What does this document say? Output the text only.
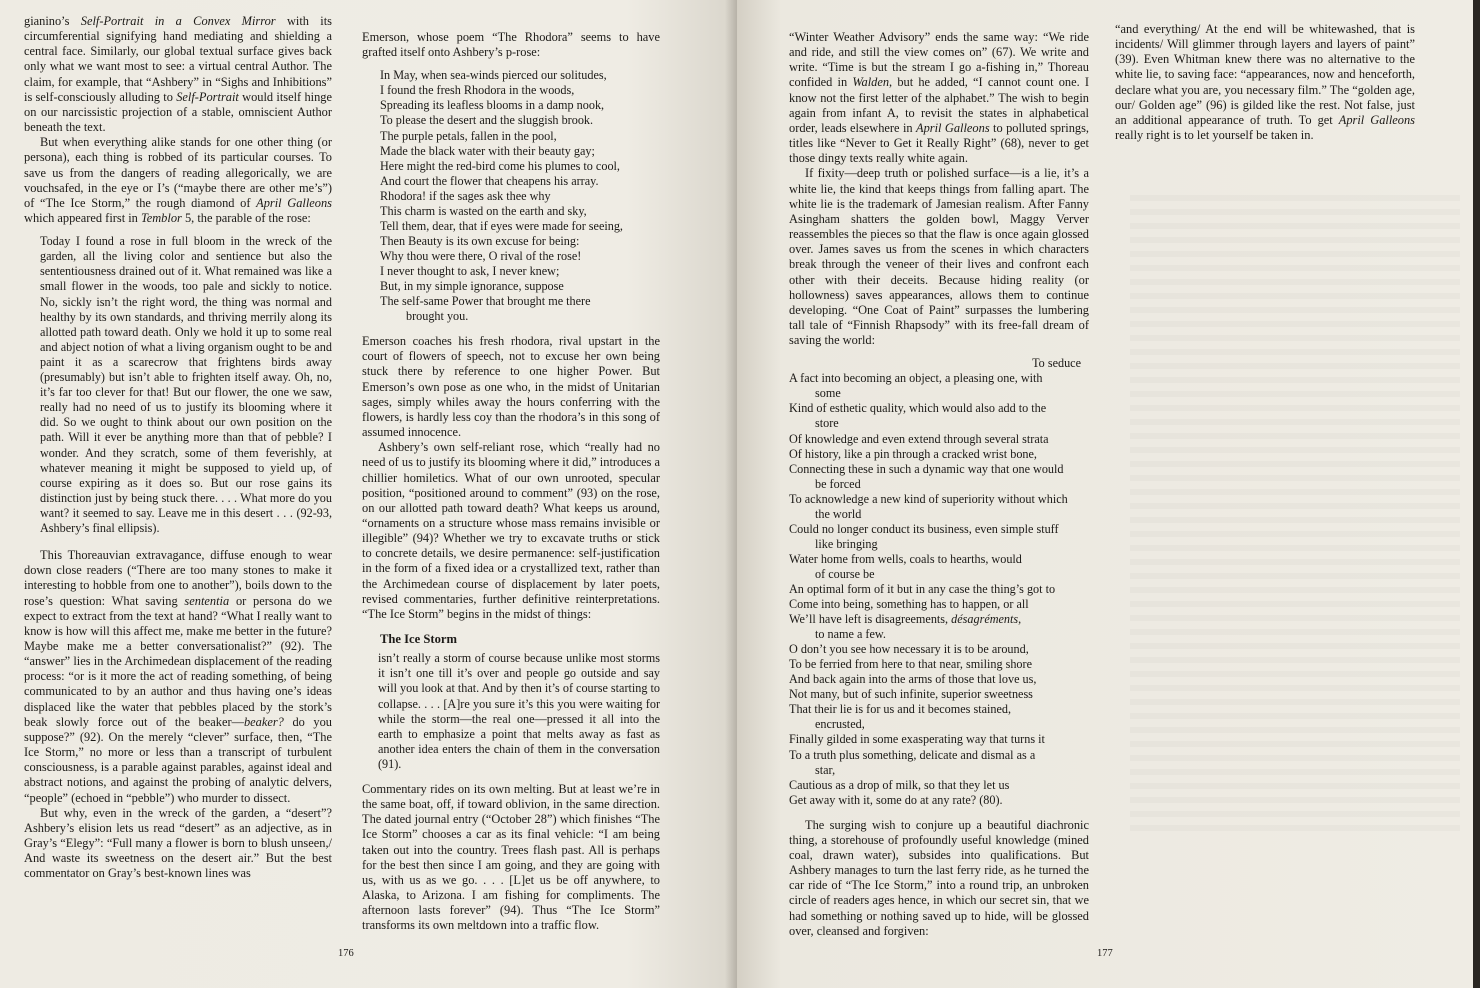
gianino’s Self-Portrait in a Convex Mirror with its circumferential signifying hand mediating and shielding a central face. Similarly, our global textual surface gives back only what we want most to see: a virtual central Author. The claim, for example, that “Ashbery” in “Sighs and Inhibitions” is self-consciously alluding to Self-Portrait would itself hinge on our narcissistic projection of a stable, omniscient Author beneath the text.

But when everything alike stands for one other thing (or persona), each thing is robbed of its particular courses. To save us from the dangers of reading allegorically, we are vouchsafed, in the eye or I’s (“maybe there are other me’s”) of “The Ice Storm,” the rough diamond of April Galleons which appeared first in Temblor 5, the parable of the rose:

Today I found a rose in full bloom in the wreck of the garden, all the living color and sentience but also the sententiousness drained out of it. What remained was like a small flower in the woods, too pale and sickly to notice. No, sickly isn’t the right word, the thing was normal and healthy by its own standards, and thriving merrily along its allotted path toward death. Only we hold it up to some real and abject notion of what a living organism ought to be and paint it as a scarecrow that frightens birds away (presumably) but isn’t able to frighten itself away. Oh, no, it’s far too clever for that! But our flower, the one we saw, really had no need of us to justify its blooming where it did. So we ought to think about our own position on the path. Will it ever be anything more than that of pebble? I wonder. And they scratch, some of them feverishly, at whatever meaning it might be supposed to yield up, of course expiring as it does so. But our rose gains its distinction just by being stuck there. . . . What more do you want? it seemed to say. Leave me in this desert . . . (92-93, Ashbery’s final ellipsis).

This Thoreauvian extravagance, diffuse enough to wear down close readers (“There are too many stones to make it interesting to hobble from one to another”), boils down to the rose’s question: What saving sententia or persona do we expect to extract from the text at hand? “What I really want to know is how will this affect me, make me better in the future? Maybe make me a better conversationalist?” (92). The “answer” lies in the Archimedean displacement of the reading process: “or is it more the act of reading something, of being communicated to by an author and thus having one’s ideas displaced like the water that pebbles placed by the stork’s beak slowly force out of the beaker—beaker? do you suppose?” (92). On the merely “clever” surface, then, “The Ice Storm,” no more or less than a transcript of turbulent consciousness, is a parable against parables, against ideal and abstract notions, and against the probing of analytic delvers, “people” (echoed in “pebble”) who murder to dissect.

But why, even in the wreck of the garden, a “desert”? Ashbery’s elision lets us read “desert” as an adjective, as in Gray’s “Elegy”: “Full many a flower is born to blush unseen,/ And waste its sweetness on the desert air.” But the best commentator on Gray’s best-known lines was

Emerson, whose poem “The Rhodora” seems to have grafted itself onto Ashbery’s p-rose:

In May, when sea-winds pierced our solitudes,
I found the fresh Rhodora in the woods,
Spreading its leafless blooms in a damp nook,
To please the desert and the sluggish brook.
The purple petals, fallen in the pool,
Made the black water with their beauty gay;
Here might the red-bird come his plumes to cool,
And court the flower that cheapens his array.
Rhodora! if the sages ask thee why
This charm is wasted on the earth and sky,
Tell them, dear, that if eyes were made for seeing,
Then Beauty is its own excuse for being:
Why thou were there, O rival of the rose!
I never thought to ask, I never knew;
But, in my simple ignorance, suppose
The self-same Power that brought me there
brought you.

Emerson coaches his fresh rhodora, rival upstart in the court of flowers of speech, not to excuse her own being stuck there by reference to one higher Power. But Emerson’s own pose as one who, in the midst of Unitarian sages, simply whiles away the hours conferring with the flowers, is hardly less coy than the rhodora’s in this song of assumed innocence.

Ashbery’s own self-reliant rose, which “really had no need of us to justify its blooming where it did,” introduces a chillier homiletics. What of our own unrooted, specular position, “positioned around to comment” (93) on the rose, on our allotted path toward death? What keeps us around, “ornaments on a structure whose mass remains invisible or illegible” (94)? Whether we try to excavate truths or stick to concrete details, we desire permanence: self-justification in the form of a fixed idea or a crystallized text, rather than the Archimedean course of displacement by later poets, revised commentaries, further definitive reinterpretations. “The Ice Storm” begins in the midst of things:

The Ice Storm

isn’t really a storm of course because unlike most storms it isn’t one till it’s over and people go outside and say will you look at that. And by then it’s of course starting to collapse. . . . [A]re you sure it’s this you were waiting for while the storm—the real one—pressed it all into the earth to emphasize a point that melts away as fast as another idea enters the chain of them in the conversation (91).

Commentary rides on its own melting. But at least we’re in the same boat, off, if toward oblivion, in the same direction. The dated journal entry (“October 28”) which finishes “The Ice Storm” chooses a car as its final vehicle: “I am being taken out into the country. Trees flash past. All is perhaps for the best then since I am going, and they are going with us, with us as we go. . . . [L]et us be off anywhere, to Alaska, to Arizona. I am fishing for compliments. The afternoon lasts forever” (94). Thus “The Ice Storm” transforms its own meltdown into a traffic flow.

176

“Winter Weather Advisory” ends the same way: “We ride and ride, and still the view comes on” (67). We write and write. “Time is but the stream I go a-fishing in,” Thoreau confided in Walden, but he added, “I cannot count one. I know not the first letter of the alphabet.” The wish to begin again from infant A, to revisit the states in alphabetical order, leads elsewhere in April Galleons to polluted springs, titles like “Never to Get it Really Right” (68), never to get those dingy texts really white again.

If fixity—deep truth or polished surface—is a lie, it’s a white lie, the kind that keeps things from falling apart. The white lie is the trademark of Jamesian realism. After Fanny Asingham shatters the golden bowl, Maggy Verver reassembles the pieces so that the flaw is once again glossed over. James saves us from the scenes in which characters break through the veneer of their lives and confront each other with their deceits. Because hiding reality (or hollowness) saves appearances, allows them to continue developing. “One Coat of Paint” surpasses the lumbering tall tale of “Finnish Rhapsody” with its free-fall dream of saving the world:

To seduce
A fact into becoming an object, a pleasing one, with
some
Kind of esthetic quality, which would also add to the
store
Of knowledge and even extend through several strata
Of history, like a pin through a cracked wrist bone,
Connecting these in such a dynamic way that one would
be forced
To acknowledge a new kind of superiority without which
the world
Could no longer conduct its business, even simple stuff
like bringing
Water home from wells, coals to hearths, would
of course be
An optimal form of it but in any case the thing’s got to
Come into being, something has to happen, or all
We’ll have left is disagreements, désagréments,
to name a few.
O don’t you see how necessary it is to be around,
To be ferried from here to that near, smiling shore
And back again into the arms of those that love us,
Not many, but of such infinite, superior sweetness
That their lie is for us and it becomes stained,
encrusted,
Finally gilded in some exasperating way that turns it
To a truth plus something, delicate and dismal as a
star,
Cautious as a drop of milk, so that they let us
Get away with it, some do at any rate? (80).

The surging wish to conjure up a beautiful diachronic thing, a storehouse of profoundly useful knowledge (mined coal, drawn water), subsides into qualifications. But Ashbery manages to turn the last ferry ride, as he turned the car ride of “The Ice Storm,” into a round trip, an unbroken circle of readers ages hence, in which our secret sin, that we had something or nothing saved up to hide, will be glossed over, cleansed and forgiven:

“and everything/ At the end will be whitewashed, that is incidents/ Will glimmer through layers and layers of paint” (39). Even Whitman knew there was no alternative to the white lie, to saving face: “appearances, now and henceforth, declare what you are, you necessary film.” The “golden age, our/ Golden age” (96) is gilded like the rest. Not false, just an additional appearance of truth. To get April Galleons really right is to let yourself be taken in.

177
